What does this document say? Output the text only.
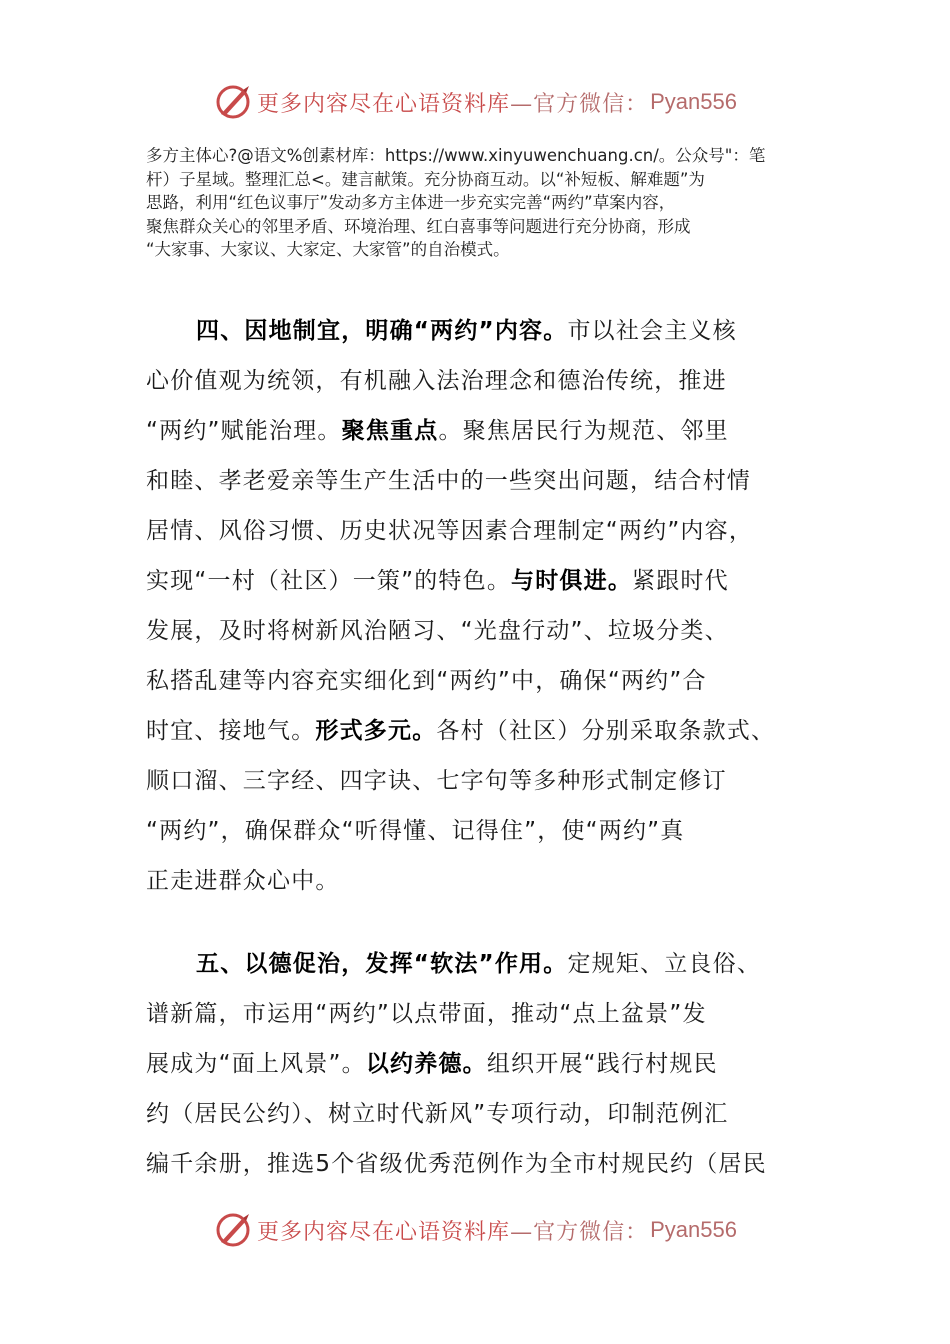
更多内容尽在心语资料库 —官方微信： Pyan556

多方主体心?@语文%创素材库：https://www.xinyuwenchuang.cn/。公众号"：笔

杆）子星域。整理汇总<。建言献策。充分协商互动。以“补短板、解难题”为

思路，利用“红色议事厅”发动多方主体进一步充实完善“两约”草案内容，

聚焦群众关心的邻里矛盾、环境治理、红白喜事等问题进行充分协商，形成

“大家事、大家议、大家定、大家管”的自治模式。

四、因地制宜，明确“两约”内容。市以社会主义核

心价值观为统领，有机融入法治理念和德治传统，推进

“两约”赋能治理。聚焦重点。聚焦居民行为规范、邻里

和睦、孝老爱亲等生产生活中的一些突出问题，结合村情

居情、风俗习惯、历史状况等因素合理制定“两约”内容，

实现“一村（社区）一策”的特色。与时俱进。紧跟时代

发展，及时将树新风治陋习、“光盘行动”、垃圾分类、

私搭乱建等内容充实细化到“两约”中，确保“两约”合

时宜、接地气。形式多元。各村（社区）分别采取条款式、

顺口溜、三字经、四字诀、七字句等多种形式制定修订

“两约”，确保群众“听得懂、记得住”，使“两约”真

正走进群众心中。

五、以德促治，发挥“软法”作用。定规矩、立良俗、

谱新篇，市运用“两约”以点带面，推动“点上盆景”发

展成为“面上风景”。以约养德。组织开展“践行村规民

约（居民公约）、树立时代新风”专项行动，印制范例汇

编千余册，推选5个省级优秀范例作为全市村规民约（居民

更多内容尽在心语资料库 —官方微信： Pyan556
